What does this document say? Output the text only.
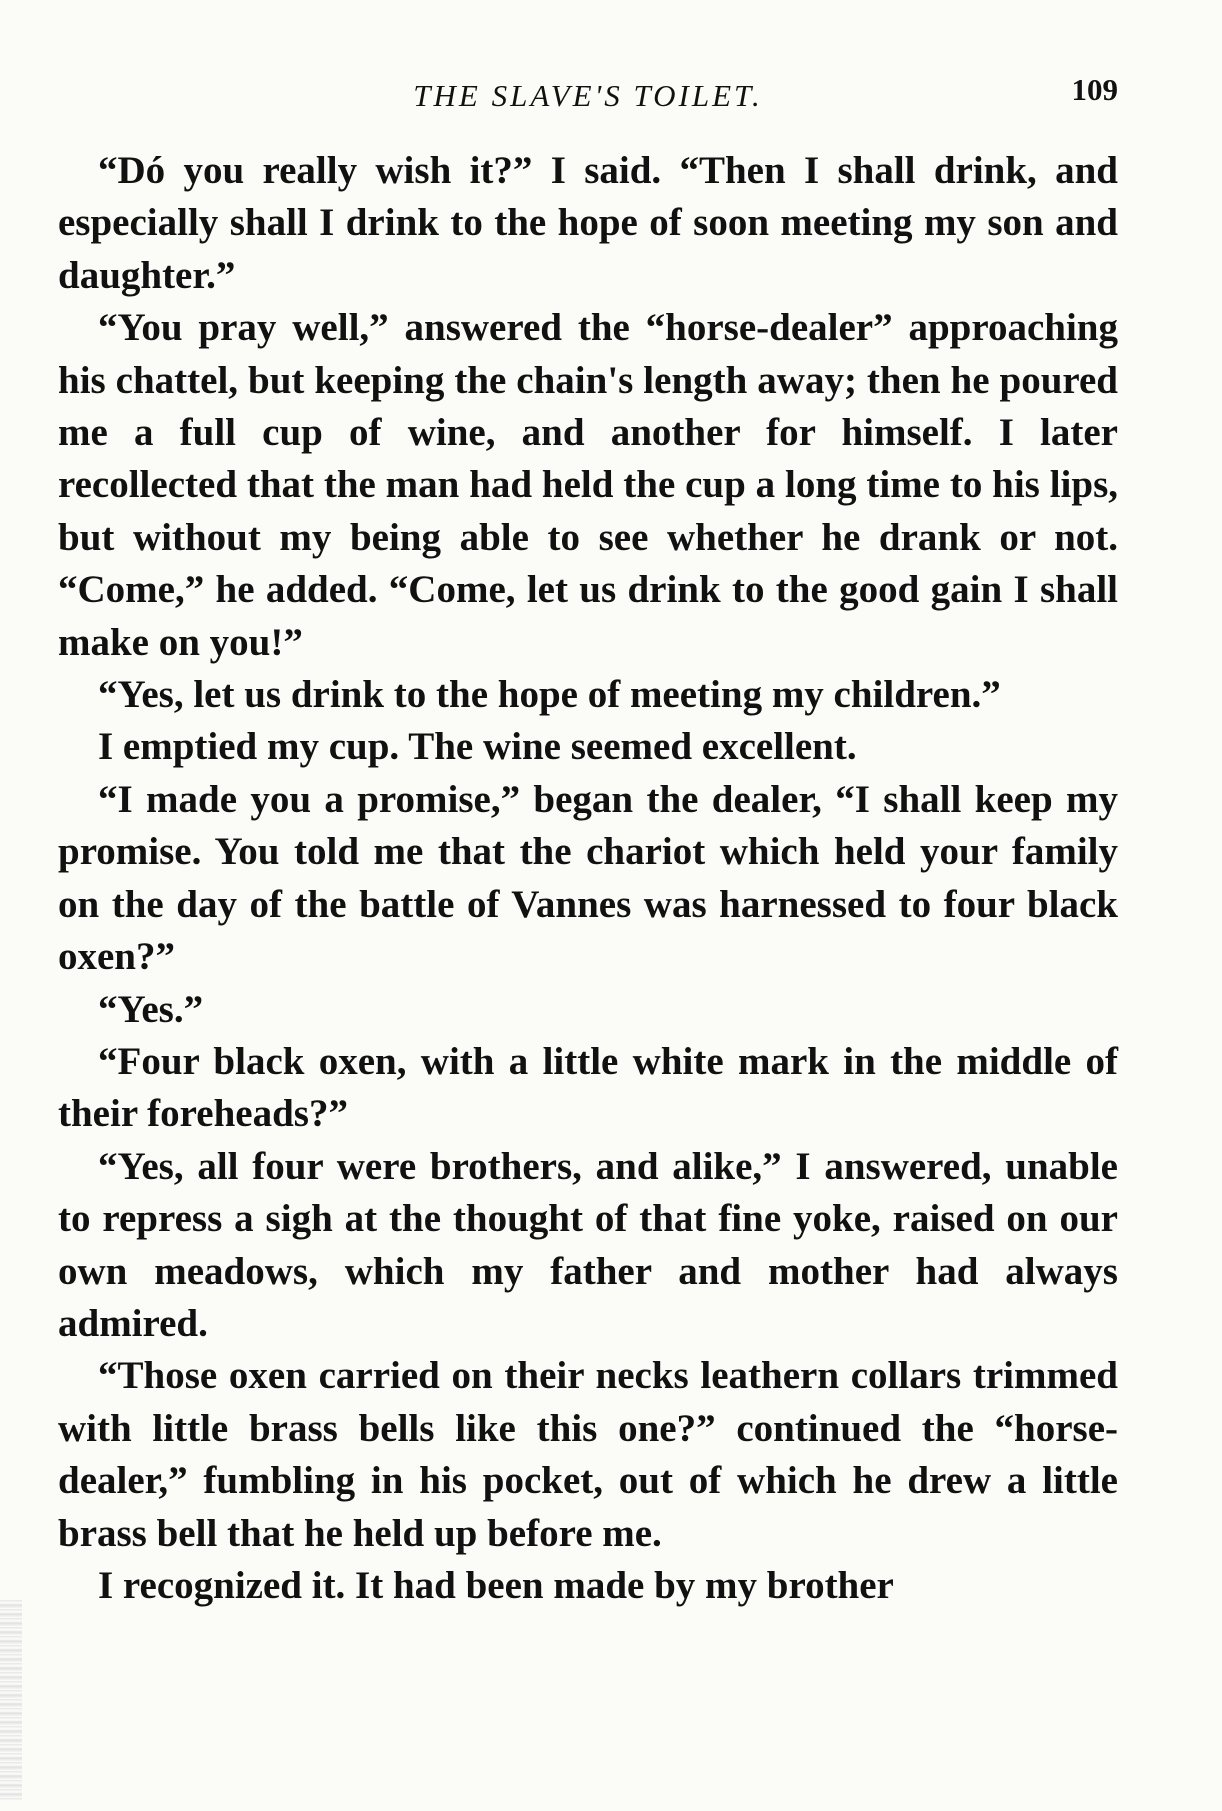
THE SLAVE'S TOILET.	109

“Dó you really wish it?” I said. “Then I shall drink, and especially shall I drink to the hope of soon meeting my son and daughter.”

“You pray well,” answered the “horse-dealer” approaching his chattel, but keeping the chain's length away; then he poured me a full cup of wine, and another for himself. I later recollected that the man had held the cup a long time to his lips, but without my being able to see whether he drank or not. “Come,” he added. “Come, let us drink to the good gain I shall make on you!”

“Yes, let us drink to the hope of meeting my children.”

I emptied my cup. The wine seemed excellent.

“I made you a promise,” began the dealer, “I shall keep my promise. You told me that the chariot which held your family on the day of the battle of Vannes was harnessed to four black oxen?”

“Yes.”

“Four black oxen, with a little white mark in the middle of their foreheads?”

“Yes, all four were brothers, and alike,” I answered, unable to repress a sigh at the thought of that fine yoke, raised on our own meadows, which my father and mother had always admired.

“Those oxen carried on their necks leathern collars trimmed with little brass bells like this one?” continued the “horse-dealer,” fumbling in his pocket, out of which he drew a little brass bell that he held up before me.

I recognized it. It had been made by my brother
